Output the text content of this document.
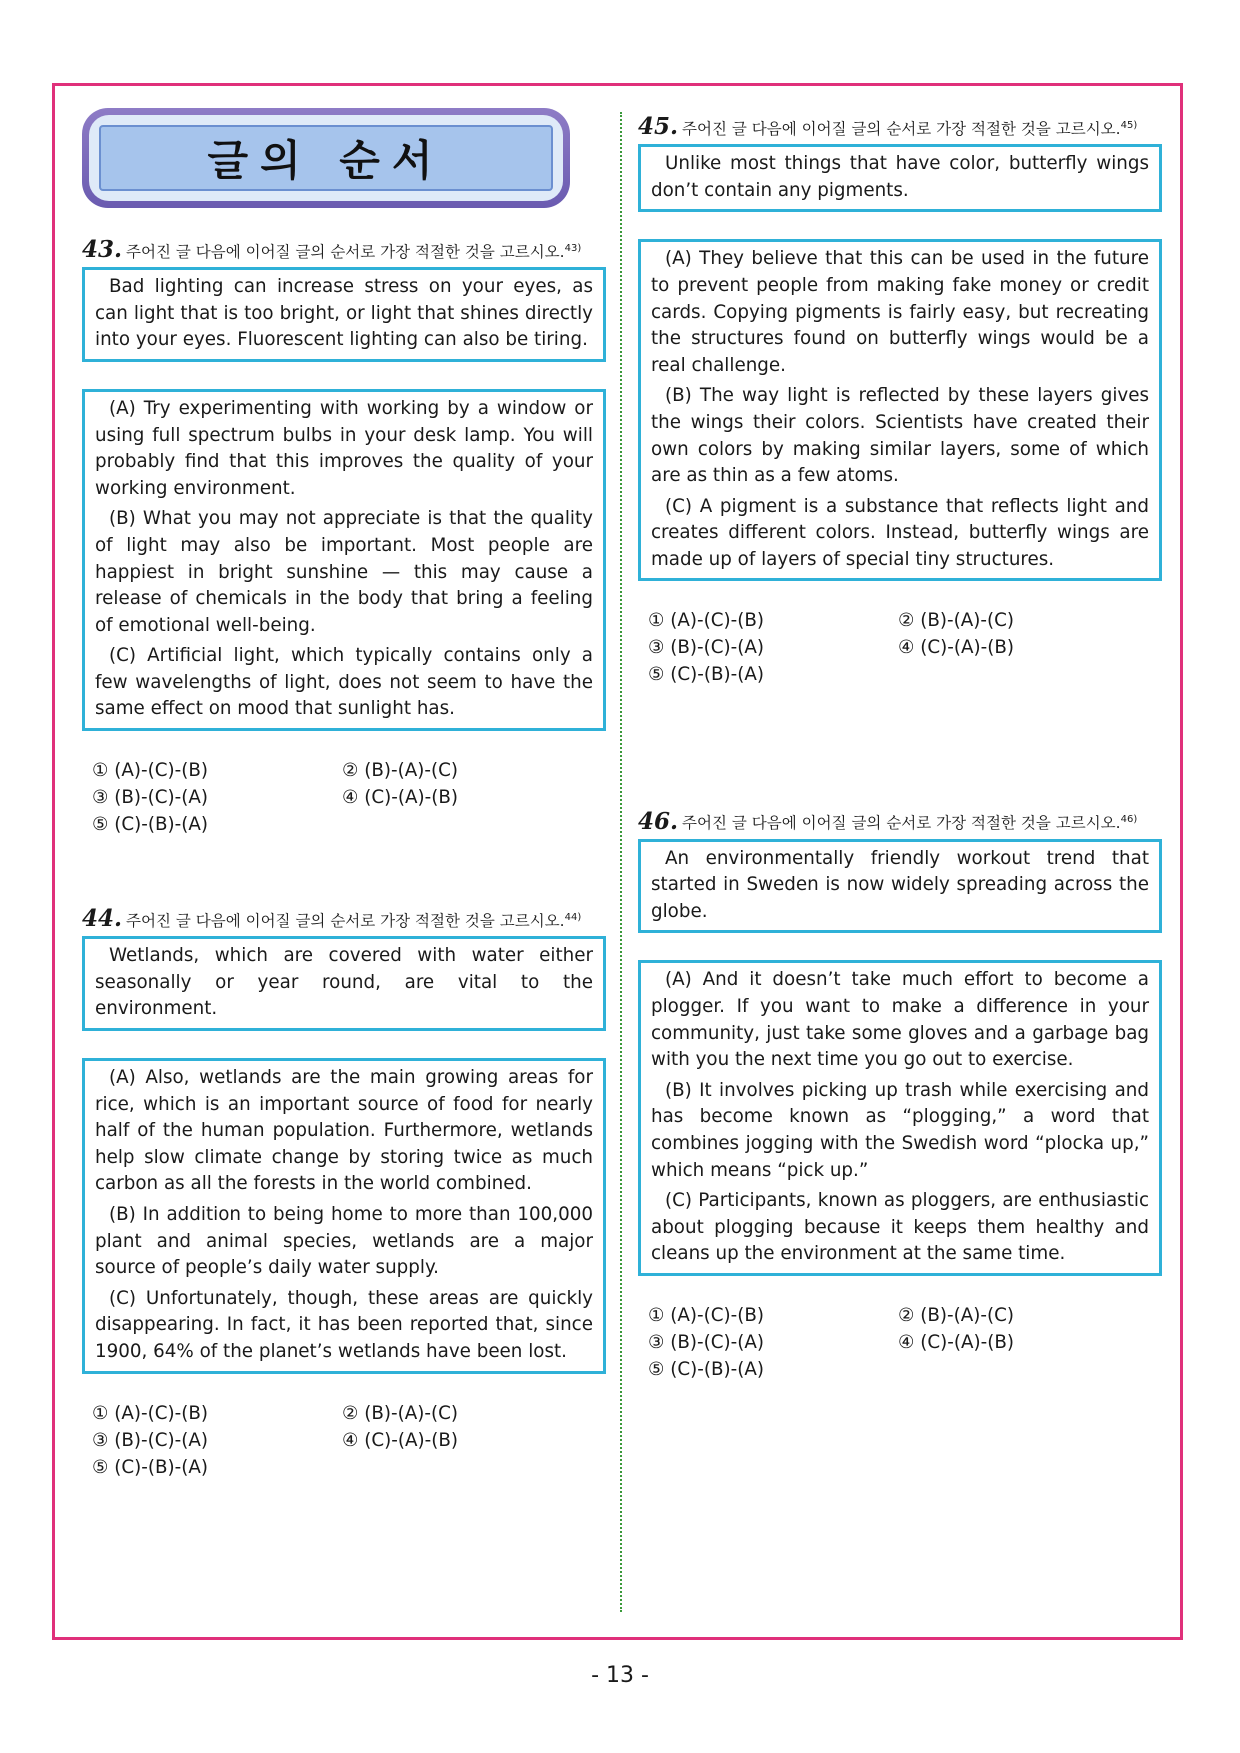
글의 순서
43. 주어진 글 다음에 이어질 글의 순서로 가장 적절한 것을 고르시오.$^{43)}$

Bad lighting can increase stress on your eyes, as can light that is too bright, or light that shines directly into your eyes. Fluorescent lighting can also be tiring.

(A) Try experimenting with working by a window or using full spectrum bulbs in your desk lamp. You will probably find that this improves the quality of your working environment.

(B) What you may not appreciate is that the quality of light may also be important. Most people are happiest in bright sunshine — this may cause a release of chemicals in the body that bring a feeling of emotional well-being.

(C) Artificial light, which typically contains only a few wavelengths of light, does not seem to have the same effect on mood that sunlight has.

① (A)-(C)-(B)	② (B)-(A)-(C)
③ (B)-(C)-(A)	④ (C)-(A)-(B)
⑤ (C)-(B)-(A)
44. 주어진 글 다음에 이어질 글의 순서로 가장 적절한 것을 고르시오.$^{44)}$

Wetlands, which are covered with water either seasonally or year round, are vital to the environment.

(A) Also, wetlands are the main growing areas for rice, which is an important source of food for nearly half of the human population. Furthermore, wetlands help slow climate change by storing twice as much carbon as all the forests in the world combined.

(B) In addition to being home to more than 100,000 plant and animal species, wetlands are a major source of people’s daily water supply.

(C) Unfortunately, though, these areas are quickly disappearing. In fact, it has been reported that, since 1900, 64% of the planet’s wetlands have been lost.

① (A)-(C)-(B)	② (B)-(A)-(C)
③ (B)-(C)-(A)	④ (C)-(A)-(B)
⑤ (C)-(B)-(A)
45. 주어진 글 다음에 이어질 글의 순서로 가장 적절한 것을 고르시오.$^{45)}$

Unlike most things that have color, butterfly wings don’t contain any pigments.

(A) They believe that this can be used in the future to prevent people from making fake money or credit cards. Copying pigments is fairly easy, but recreating the structures found on butterfly wings would be a real challenge.

(B) The way light is reflected by these layers gives the wings their colors. Scientists have created their own colors by making similar layers, some of which are as thin as a few atoms.

(C) A pigment is a substance that reflects light and creates different colors. Instead, butterfly wings are made up of layers of special tiny structures.

① (A)-(C)-(B)	② (B)-(A)-(C)
③ (B)-(C)-(A)	④ (C)-(A)-(B)
⑤ (C)-(B)-(A)
46. 주어진 글 다음에 이어질 글의 순서로 가장 적절한 것을 고르시오.$^{46)}$

An environmentally friendly workout trend that started in Sweden is now widely spreading across the globe.

(A) And it doesn’t take much effort to become a plogger. If you want to make a difference in your community, just take some gloves and a garbage bag with you the next time you go out to exercise.

(B) It involves picking up trash while exercising and has become known as “plogging,” a word that combines jogging with the Swedish word “plocka up,” which means “pick up.”

(C) Participants, known as ploggers, are enthusiastic about plogging because it keeps them healthy and cleans up the environment at the same time.

① (A)-(C)-(B)	② (B)-(A)-(C)
③ (B)-(C)-(A)	④ (C)-(A)-(B)
⑤ (C)-(B)-(A)
- 13 -
